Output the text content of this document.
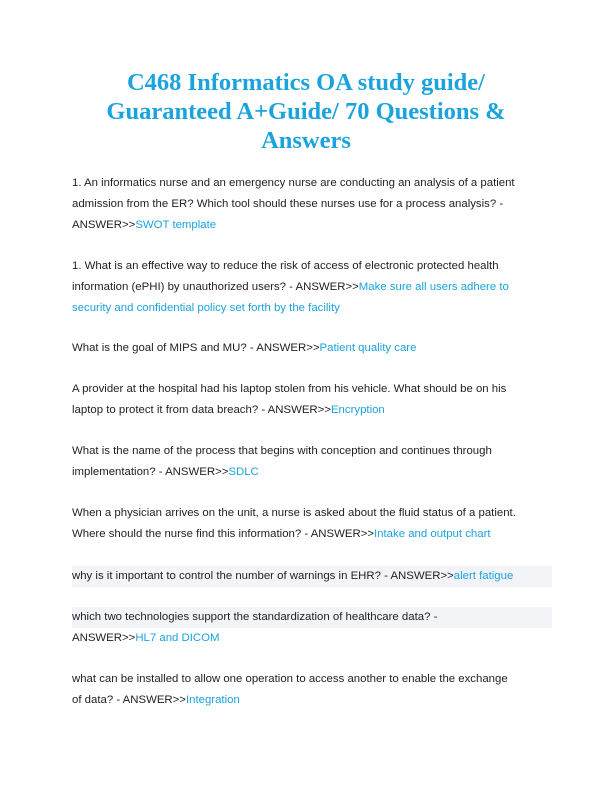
C468 Informatics OA study guide/
Guaranteed A+Guide/ 70 Questions &
Answers

1. An informatics nurse and an emergency nurse are conducting an analysis of a patient
admission from the ER? Which tool should these nurses use for a process analysis? -
ANSWER>>SWOT template

1. What is an effective way to reduce the risk of access of electronic protected health
information (ePHI) by unauthorized users? - ANSWER>>Make sure all users adhere to
security and confidential policy set forth by the facility

What is the goal of MIPS and MU? - ANSWER>>Patient quality care

A provider at the hospital had his laptop stolen from his vehicle. What should be on his
laptop to protect it from data breach? - ANSWER>>Encryption

What is the name of the process that begins with conception and continues through
implementation? - ANSWER>>SDLC

When a physician arrives on the unit, a nurse is asked about the fluid status of a patient.
Where should the nurse find this information? - ANSWER>>Intake and output chart

why is it important to control the number of warnings in EHR? - ANSWER>>alert fatigue

which two technologies support the standardization of healthcare data? -
ANSWER>>HL7 and DICOM

what can be installed to allow one operation to access another to enable the exchange
of data? - ANSWER>>Integration
